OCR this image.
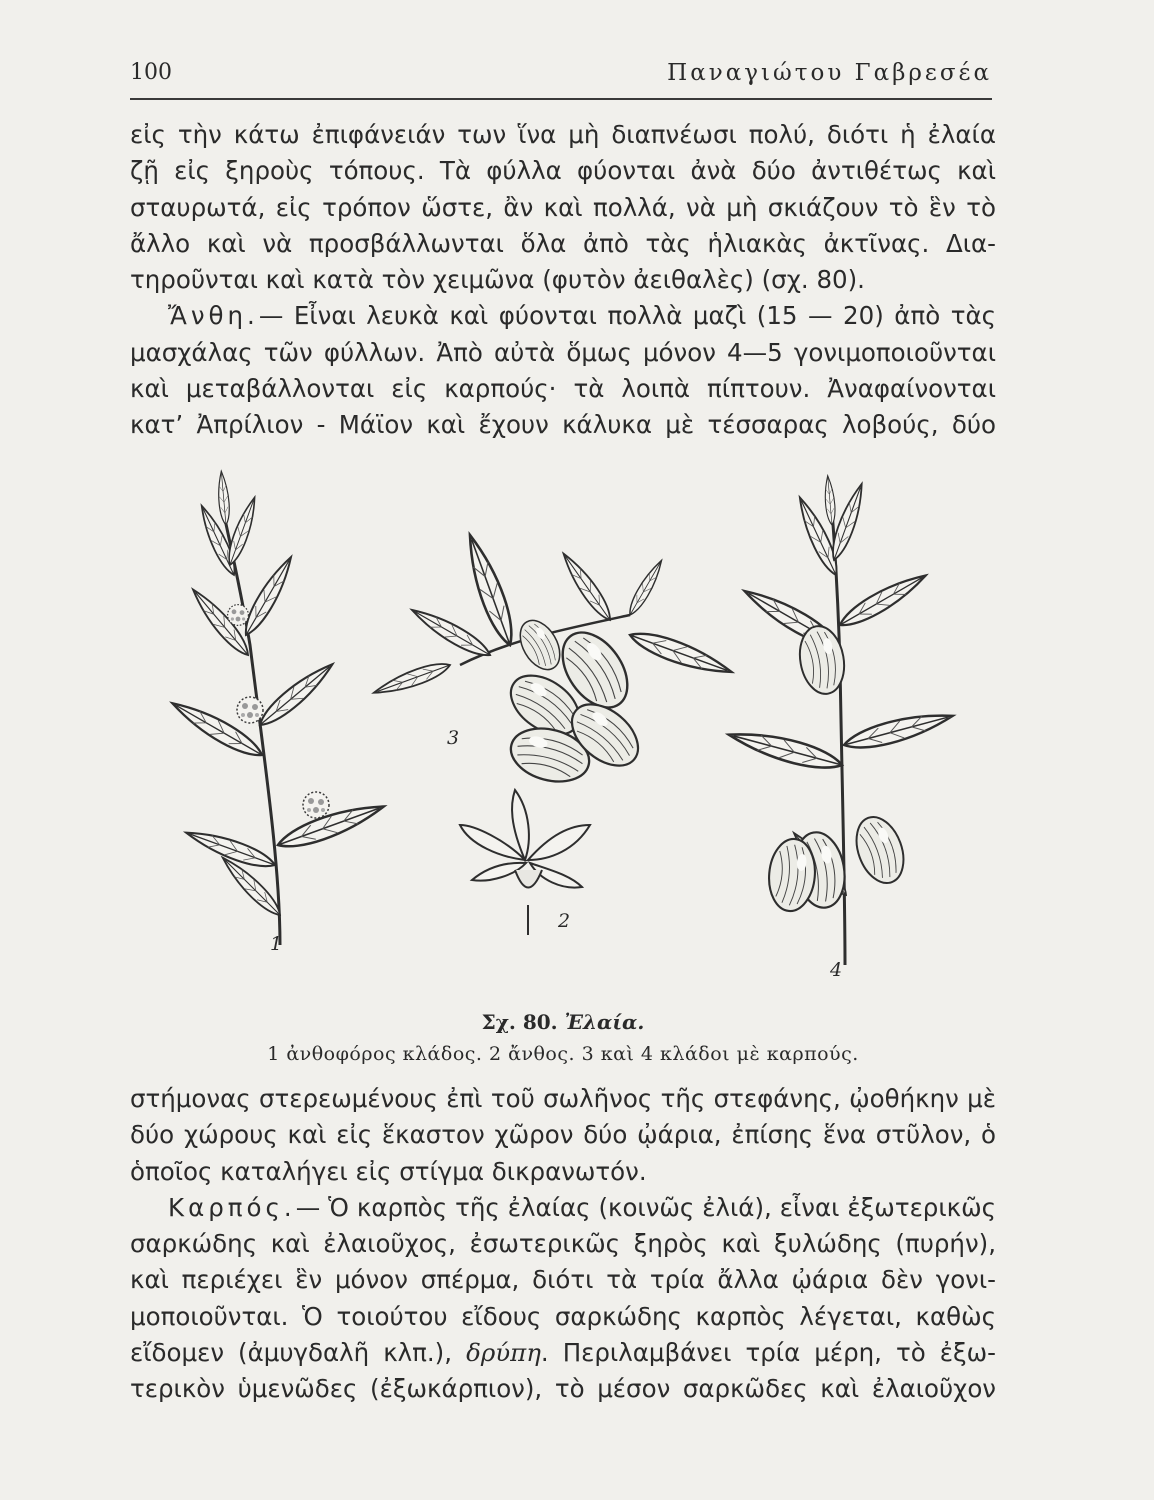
100	Παναγιώτου Γαβρεσέα
εἰς τὴν κάτω ἐπιφάνειάν των ἵνα μὴ διαπνέωσι πολύ, διότι ἡ ἐλαία
ζῇ εἰς ξηροὺς τόπους. Τὰ φύλλα φύονται ἀνὰ δύο ἀντιθέτως καὶ
σταυρωτά, εἰς τρόπον ὥστε, ἂν καὶ πολλά, νὰ μὴ σκιάζουν τὸ ἓν τὸ
ἄλλο καὶ νὰ προσβάλλωνται ὅλα ἀπὸ τὰς ἡλιακὰς ἀκτῖνας. Δια-
τηροῦνται καὶ κατὰ τὸν χειμῶνα (φυτὸν ἀειθαλὲς) (σχ. 80).
Ἄνθη.— Εἶναι λευκὰ καὶ φύονται πολλὰ μαζὶ (15 — 20) ἀπὸ τὰς
μασχάλας τῶν φύλλων. Ἀπὸ αὐτὰ ὅμως μόνον 4—5 γονιμοποιοῦνται
καὶ μεταβάλλονται εἰς καρπούς· τὰ λοιπὰ πίπτουν. Ἀναφαίνονται
κατ’ Ἀπρίλιον - Μάϊον καὶ ἔχουν κάλυκα μὲ τέσσαρας λοβούς, δύο
1
2
3
4
Σχ. 80. Ἐλαία.
1 ἀνθοφόρος κλάδος. 2 ἄνθος. 3 καὶ 4 κλάδοι μὲ καρπούς.
στήμονας στερεωμένους ἐπὶ τοῦ σωλῆνος τῆς στεφάνης, ᾠοθήκην μὲ
δύο χώρους καὶ εἰς ἕκαστον χῶρον δύο ᾠάρια, ἐπίσης ἕνα στῦλον, ὁ
ὁποῖος καταλήγει εἰς στίγμα δικρανωτόν.
Καρπός.— Ὁ καρπὸς τῆς ἐλαίας (κοινῶς ἐλιά), εἶναι ἐξωτερικῶς
σαρκώδης καὶ ἐλαιοῦχος, ἐσωτερικῶς ξηρὸς καὶ ξυλώδης (πυρήν),
καὶ περιέχει ἓν μόνον σπέρμα, διότι τὰ τρία ἄλλα ᾠάρια δὲν γονι-
μοποιοῦνται. Ὁ τοιούτου εἴδους σαρκώδης καρπὸς λέγεται, καθὼς
εἴδομεν (ἀμυγδαλῆ κλπ.), δρύπη. Περιλαμβάνει τρία μέρη, τὸ ἐξω-
τερικὸν ὑμενῶδες (ἐξωκάρπιον), τὸ μέσον σαρκῶδες καὶ ἐλαιοῦχον
